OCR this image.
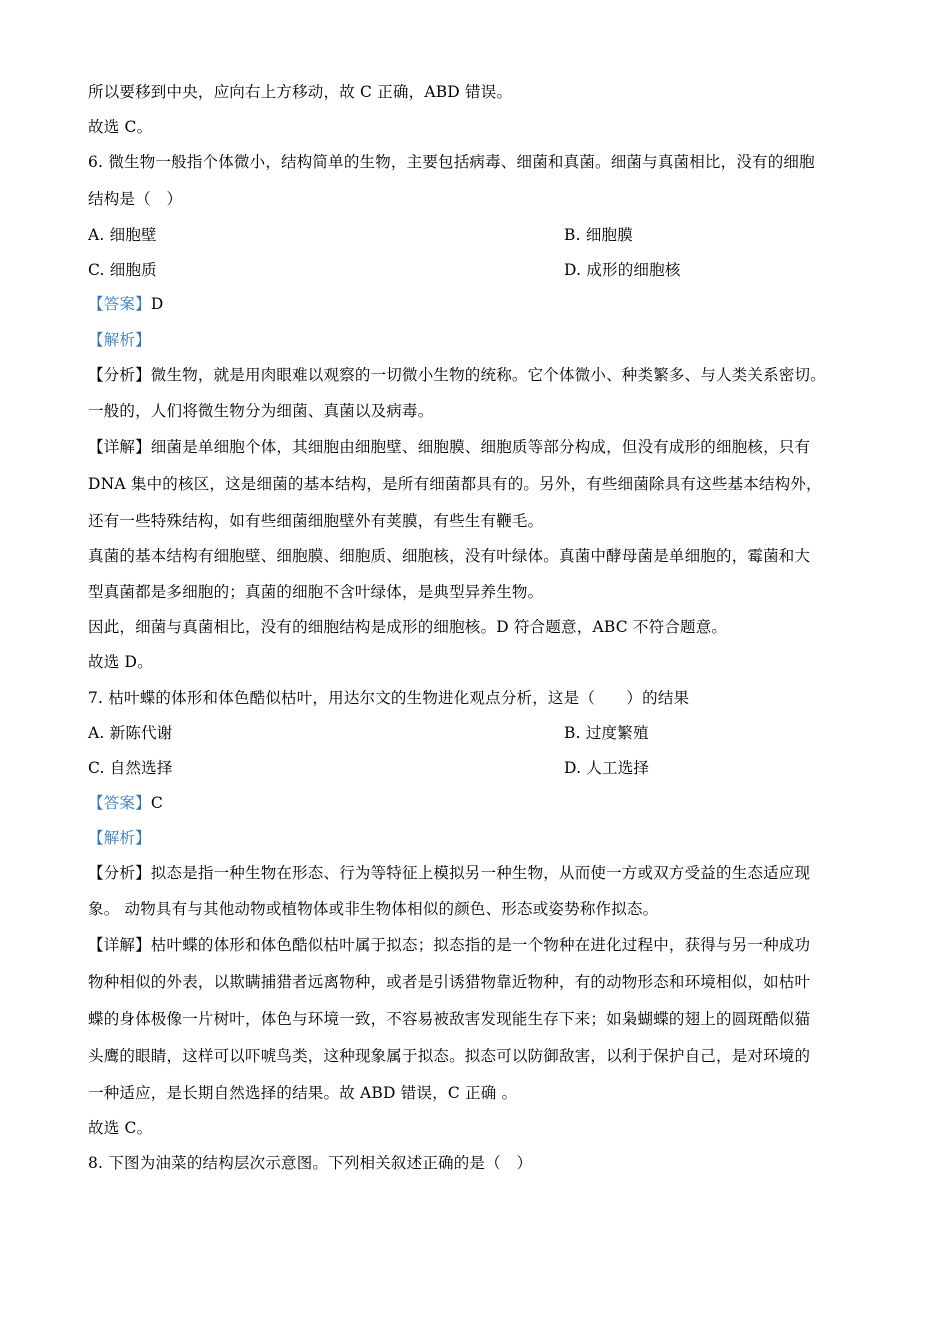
所以要移到中央，应向右上方移动，故 C 正确，ABD 错误。
故选 C。
6. 微生物一般指个体微小，结构简单的生物，主要包括病毒、细菌和真菌。细菌与真菌相比，没有的细胞
结构是（　）
A. 细胞壁	B. 细胞膜
C. 细胞质	D. 成形的细胞核
【答案】D
【解析】
【分析】微生物，就是用肉眼难以观察的一切微小生物的统称。它个体微小、种类繁多、与人类关系密切。
一般的，人们将微生物分为细菌、真菌以及病毒。
【详解】细菌是单细胞个体，其细胞由细胞壁、细胞膜、细胞质等部分构成，但没有成形的细胞核，只有
DNA 集中的核区，这是细菌的基本结构，是所有细菌都具有的。另外，有些细菌除具有这些基本结构外，
还有一些特殊结构，如有些细菌细胞壁外有荚膜，有些生有鞭毛。
真菌的基本结构有细胞壁、细胞膜、细胞质、细胞核，没有叶绿体。真菌中酵母菌是单细胞的，霉菌和大
型真菌都是多细胞的；真菌的细胞不含叶绿体，是典型异养生物。
因此，细菌与真菌相比，没有的细胞结构是成形的细胞核。D 符合题意，ABC 不符合题意。
故选 D。
7. 枯叶蝶的体形和体色酷似枯叶，用达尔文的生物进化观点分析，这是（　　）的结果
A. 新陈代谢	B. 过度繁殖
C. 自然选择	D. 人工选择
【答案】C
【解析】
【分析】拟态是指一种生物在形态、行为等特征上模拟另一种生物，从而使一方或双方受益的生态适应现
象。 动物具有与其他动物或植物体或非生物体相似的颜色、形态或姿势称作拟态。
【详解】枯叶蝶的体形和体色酷似枯叶属于拟态；拟态指的是一个物种在进化过程中，获得与另一种成功
物种相似的外表，以欺瞒捕猎者远离物种，或者是引诱猎物靠近物种，有的动物形态和环境相似，如枯叶
蝶的身体极像一片树叶，体色与环境一致，不容易被敌害发现能生存下来；如枭蝴蝶的翅上的圆斑酷似猫
头鹰的眼睛，这样可以吓唬鸟类，这种现象属于拟态。拟态可以防御敌害，以利于保护自己，是对环境的
一种适应，是长期自然选择的结果。故 ABD 错误，C 正确 。
故选 C。
8. 下图为油菜的结构层次示意图。下列相关叙述正确的是（　）
